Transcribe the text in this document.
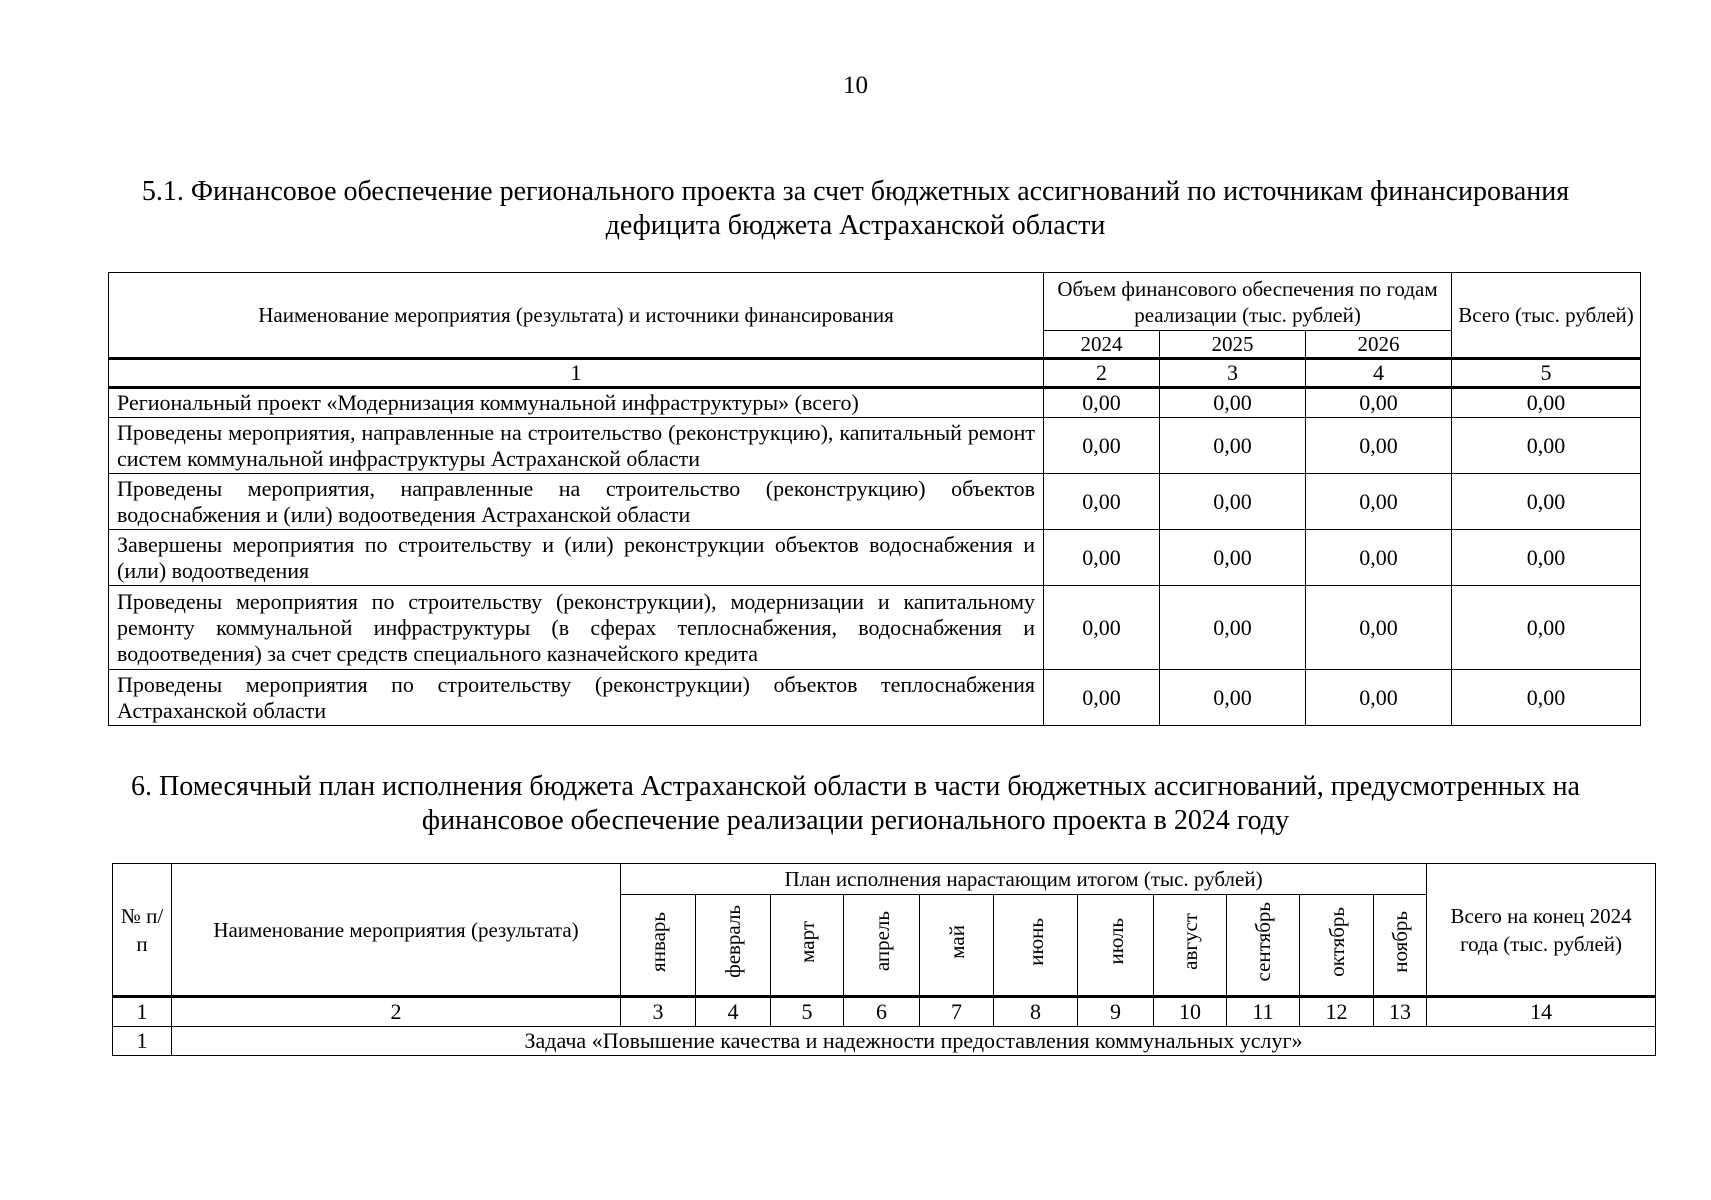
10
5.1. Финансовое обеспечение регионального проекта за счет бюджетных ассигнований по источникам финансирования
дефицита бюджета Астраханской области
Наименование мероприятия (результата) и источники финансирования	Объем финансового обеспечения по годам реализации (тыс. рублей)			Всего (тыс. рублей)
	2024	2025	2026	
1	2	3	4	5
Региональный проект «Модернизация коммунальной инфраструктуры» (всего)	0,00	0,00	0,00	0,00
Проведены мероприятия, направленные на строительство (реконструкцию), капитальный ремонт систем коммунальной инфраструктуры Астраханской области	0,00	0,00	0,00	0,00
Проведены мероприятия, направленные на строительство (реконструкцию) объектов водоснабжения и (или) водоотведения Астраханской области	0,00	0,00	0,00	0,00
Завершены мероприятия по строительству и (или) реконструкции объектов водоснабжения и (или) водоотведения	0,00	0,00	0,00	0,00
Проведены мероприятия по строительству (реконструкции), модернизации и капитальному ремонту коммунальной инфраструктуры (в сферах теплоснабжения, водоснабжения и водоотведения) за счет средств специального казначейского кредита	0,00	0,00	0,00	0,00
Проведены мероприятия по строительству (реконструкции) объектов теплоснабжения Астраханской области	0,00	0,00	0,00	0,00
6. Помесячный план исполнения бюджета Астраханской области в части бюджетных ассигнований, предусмотренных на
финансовое обеспечение реализации регионального проекта в 2024 году
№ п/п	Наименование мероприятия (результата)	План исполнения нарастающим итогом (тыс. рублей)											Всего на конец 2024 года (тыс. рублей)
		январь	февраль	март	апрель	май	июнь	июль	август	сентябрь	октябрь	ноябрь	
1	2	3	4	5	6	7	8	9	10	11	12	13	14
1	Задача «Повышение качества и надежности предоставления коммунальных услуг»												
